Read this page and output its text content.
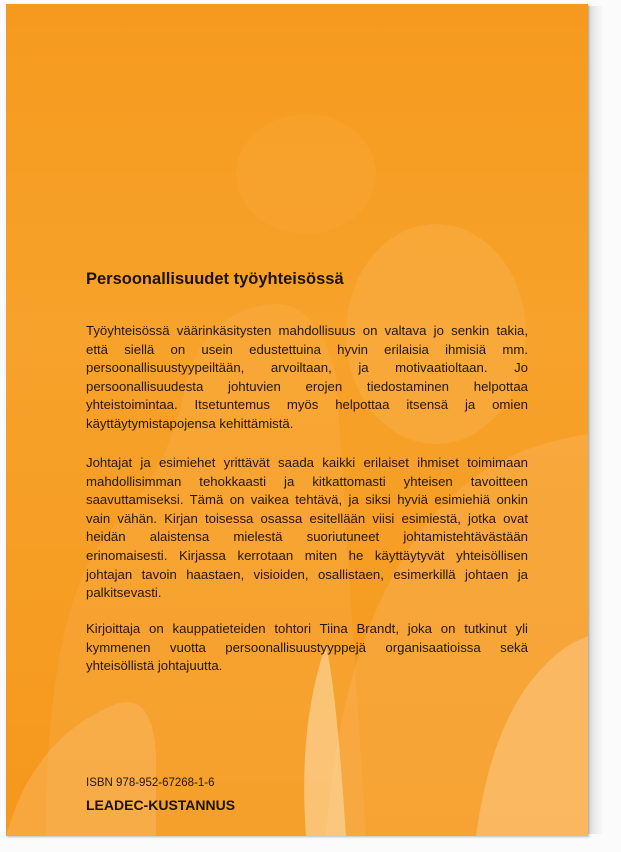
Persoonallisuudet työyhteisössä
Työyhteisössä väärinkäsitysten mahdollisuus on valtava jo senkin takia, että siellä on usein edustettuina hyvin erilaisia ihmisiä mm. persoonallisuustyypeiltään, arvoiltaan, ja motivaatioltaan. Jo persoonallisuudesta johtuvien erojen tiedostaminen helpottaa yhteistoimintaa. Itsetuntemus myös helpottaa itsensä ja omien käyttäytymistapojensa kehittämistä.
Johtajat ja esimiehet yrittävät saada kaikki erilaiset ihmiset toimimaan mahdollisimman tehokkaasti ja kitkattomasti yhteisen tavoitteen saavuttamiseksi. Tämä on vaikea tehtävä, ja siksi hyviä esimiehiä onkin vain vähän. Kirjan toisessa osassa esitellään viisi esimiestä, jotka ovat heidän alaistensa mielestä suoriutuneet johtamistehtävästään erinomaisesti. Kirjassa kerrotaan miten he käyttäytyvät yhteisöllisen johtajan tavoin haastaen, visioiden, osallistaen, esimerkillä johtaen ja palkitsevasti.
Kirjoittaja on kauppatieteiden tohtori Tiina Brandt, joka on tutkinut yli kymmenen vuotta persoonallisuustyyppejä organisaatioissa sekä yhteisöllistä johtajuutta.
ISBN 978-952-67268-1-6
LEADEC-KUSTANNUS
